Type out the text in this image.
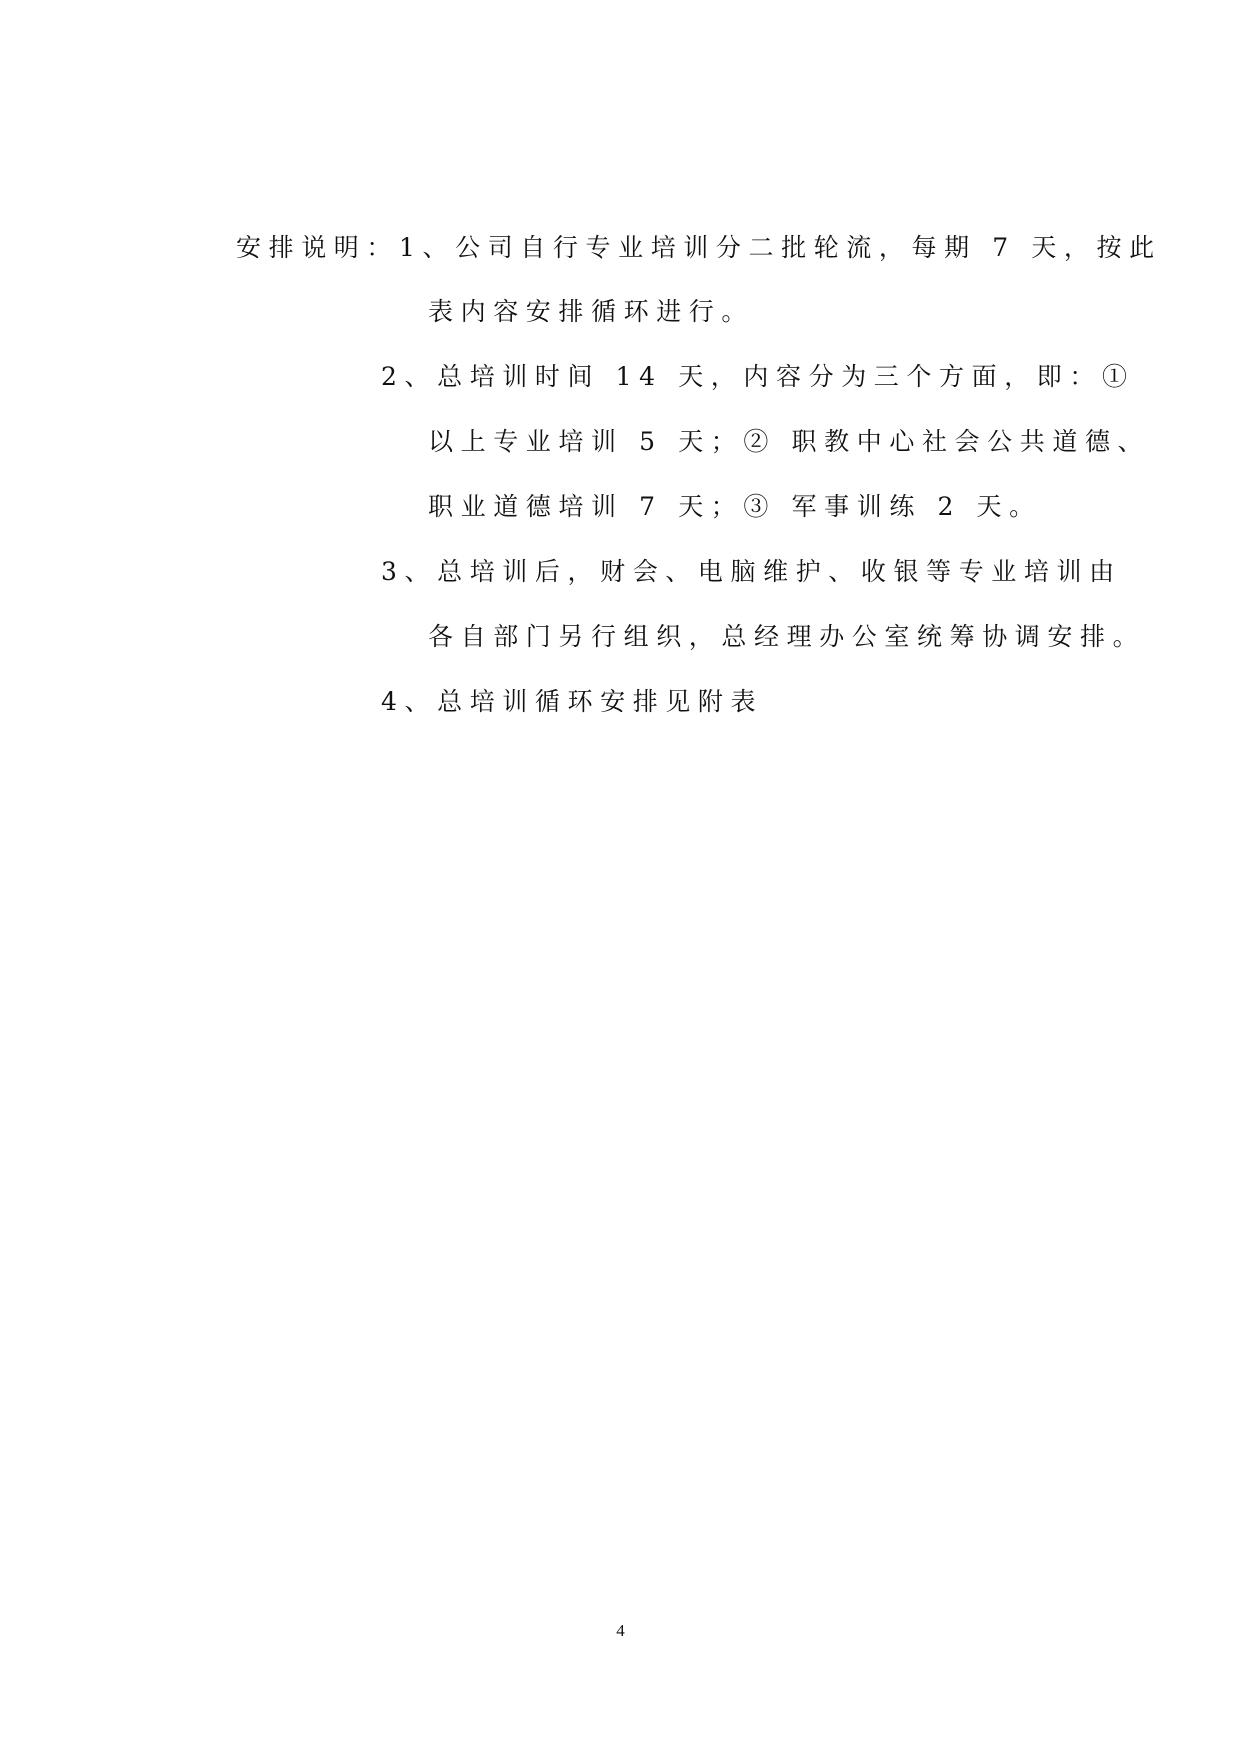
安排说明：1、公司自行专业培训分二批轮流，每期 7 天，按此
表内容安排循环进行。
2、总培训时间 14 天，内容分为三个方面，即：①
以上专业培训 5 天；② 职教中心社会公共道德、
职业道德培训 7 天；③ 军事训练 2 天。
3、总培训后，财会、电脑维护、收银等专业培训由
各自部门另行组织，总经理办公室统筹协调安排。
4、总培训循环安排见附表
4
